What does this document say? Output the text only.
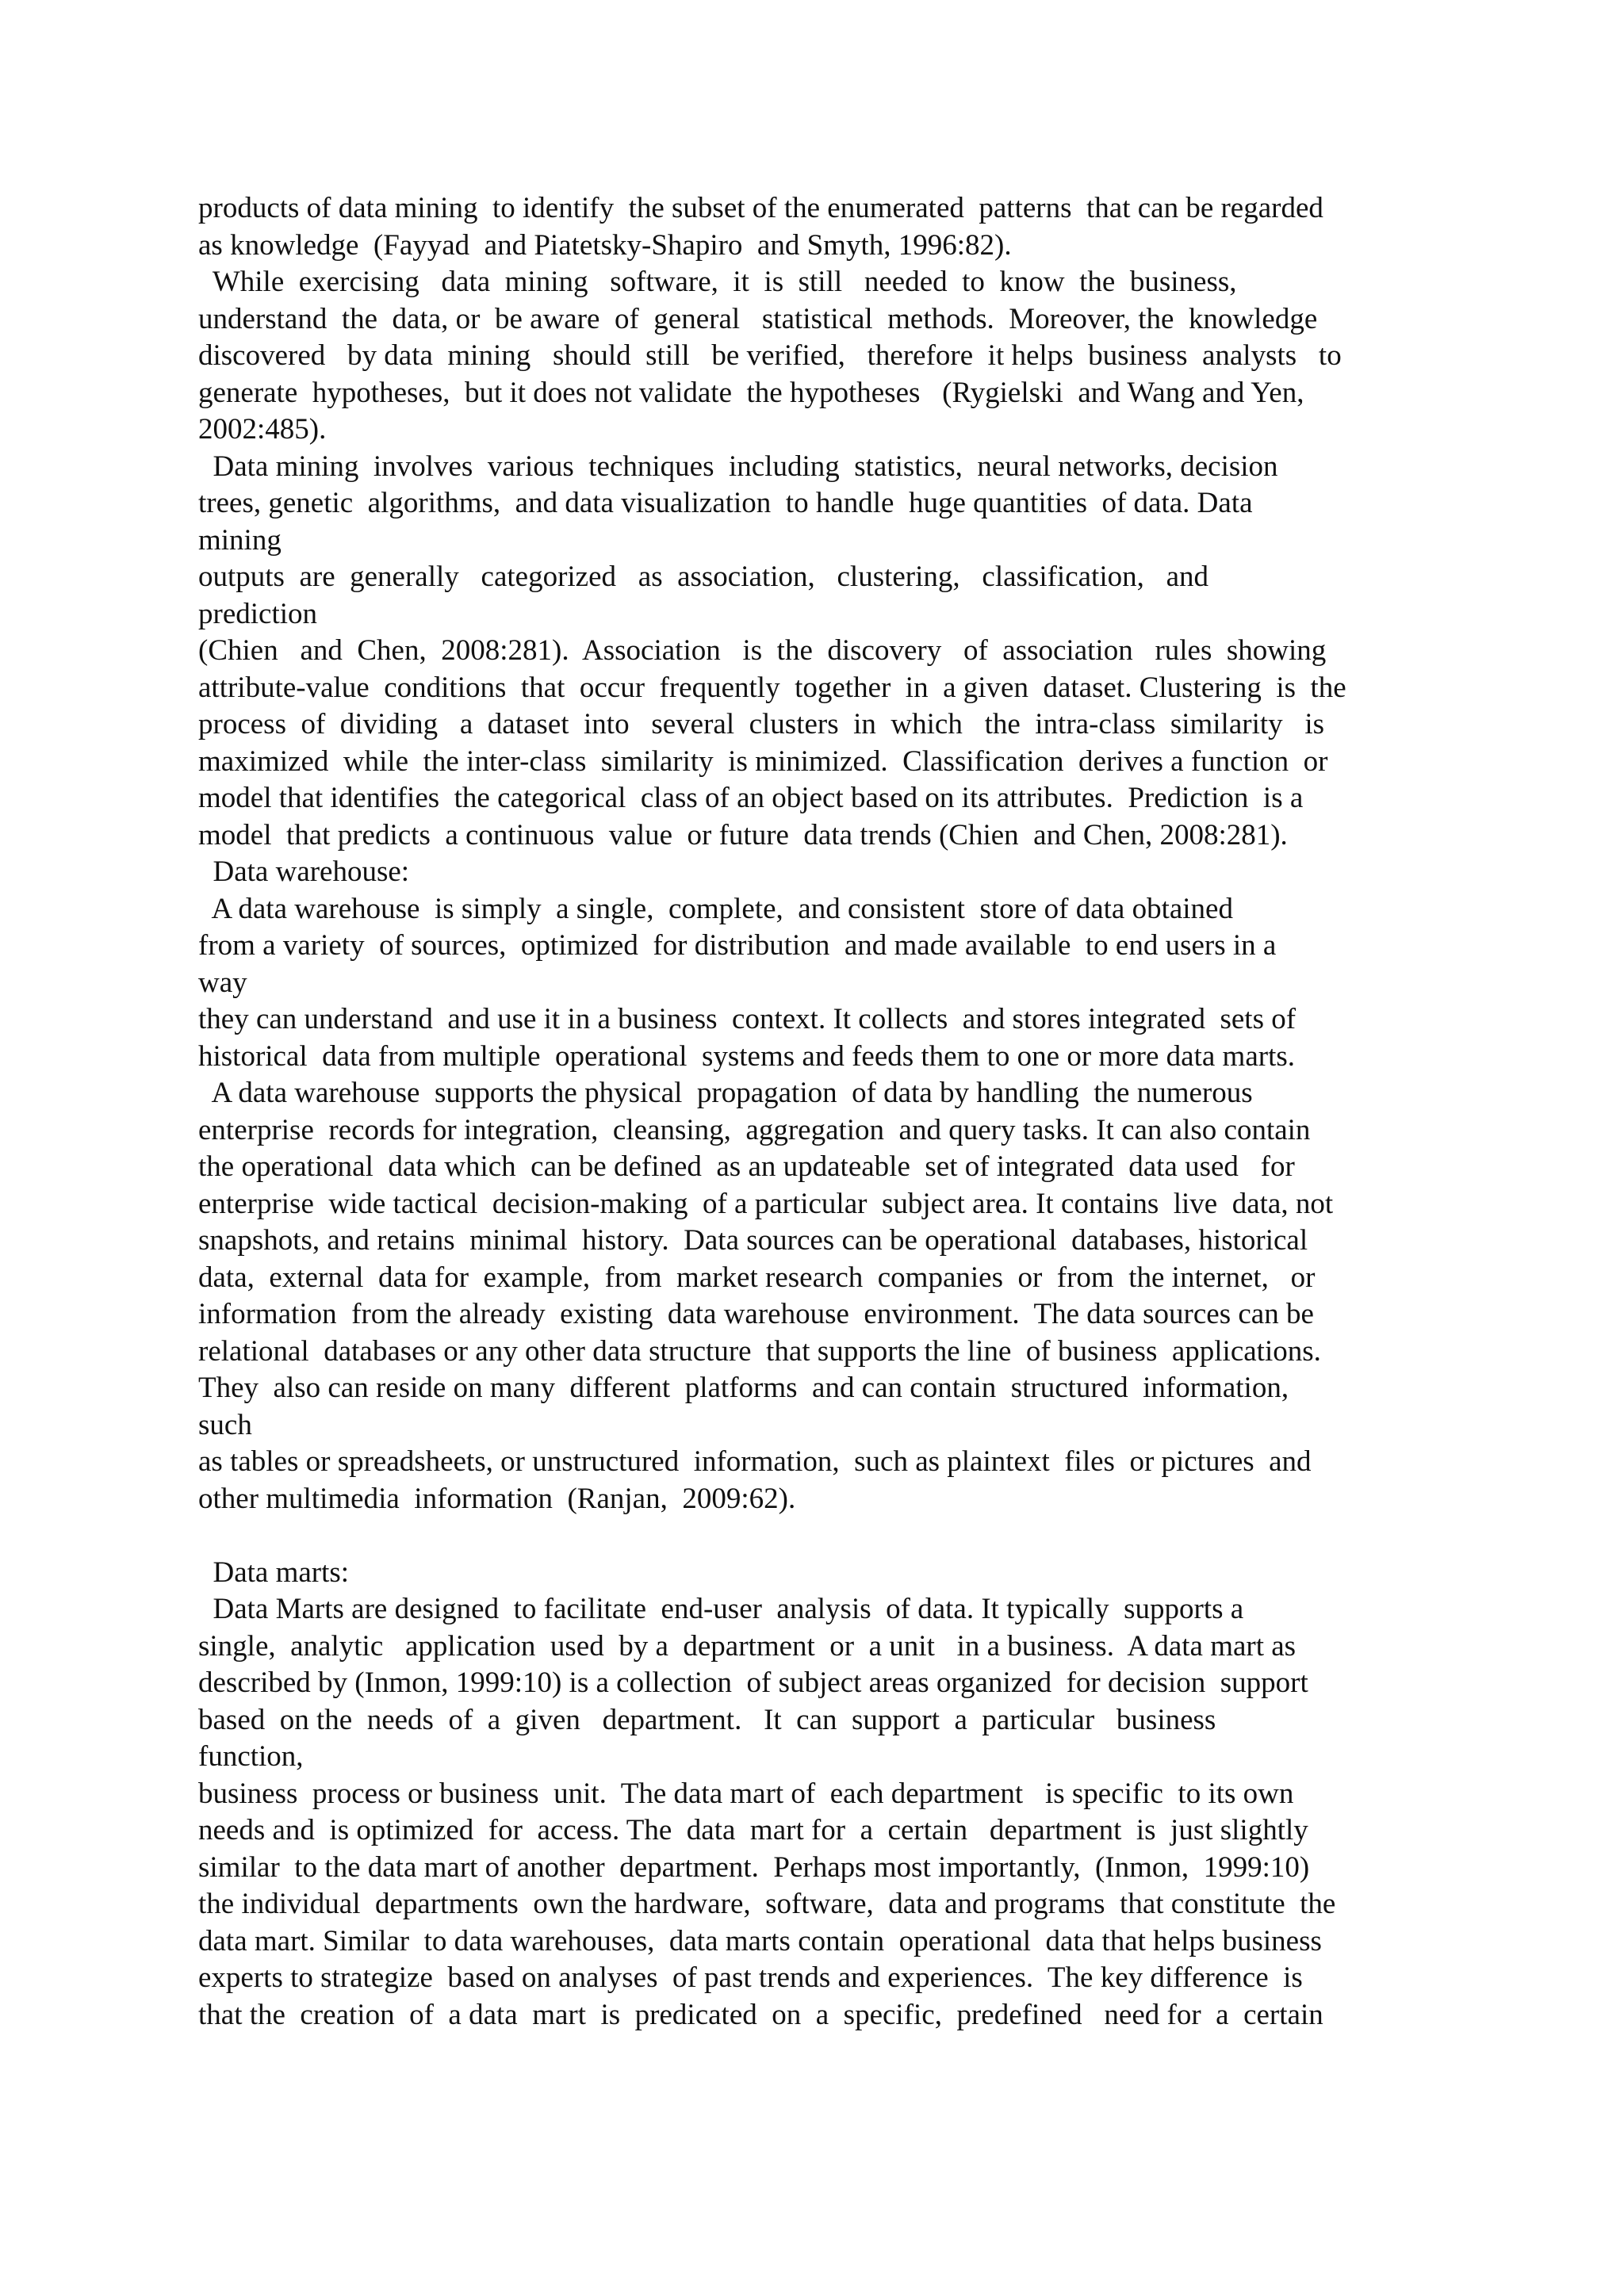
products of data mining  to identify  the subset of the enumerated  patterns  that can be regarded
as knowledge  (Fayyad  and Piatetsky-Shapiro  and Smyth, 1996:82).
While  exercising   data  mining   software,  it  is  still   needed  to  know  the  business,
understand  the  data, or  be aware  of  general   statistical  methods.  Moreover, the  knowledge
discovered   by data  mining   should  still   be verified,   therefore  it helps  business  analysts   to
generate  hypotheses,  but it does not validate  the hypotheses   (Rygielski  and Wang and Yen,
2002:485).
Data mining  involves  various  techniques  including  statistics,  neural networks, decision
trees, genetic  algorithms,  and data visualization  to handle  huge quantities  of data. Data
mining
outputs  are  generally   categorized   as  association,   clustering,   classification,   and
prediction
(Chien   and  Chen,  2008:281).  Association   is  the  discovery   of  association   rules  showing
attribute-value  conditions  that  occur  frequently  together  in  a given  dataset. Clustering  is  the
process  of  dividing   a  dataset  into   several  clusters  in  which   the  intra-class  similarity   is
maximized  while  the inter-class  similarity  is minimized.  Classification  derives a function  or
model that identifies  the categorical  class of an object based on its attributes.  Prediction  is a
model  that predicts  a continuous  value  or future  data trends (Chien  and Chen, 2008:281).
Data warehouse:
A data warehouse  is simply  a single,  complete,  and consistent  store of data obtained
from a variety  of sources,  optimized  for distribution  and made available  to end users in a
way
they can understand  and use it in a business  context. It collects  and stores integrated  sets of
historical  data from multiple  operational  systems and feeds them to one or more data marts.
A data warehouse  supports the physical  propagation  of data by handling  the numerous
enterprise  records for integration,  cleansing,  aggregation  and query tasks. It can also contain
the operational  data which  can be defined  as an updateable  set of integrated  data used   for
enterprise  wide tactical  decision-making  of a particular  subject area. It contains  live  data, not
snapshots, and retains  minimal  history.  Data sources can be operational  databases, historical
data,  external  data for  example,  from  market research  companies  or  from  the internet,   or
information  from the already  existing  data warehouse  environment.  The data sources can be
relational  databases or any other data structure  that supports the line  of business  applications.
They  also can reside on many  different  platforms  and can contain  structured  information,
such
as tables or spreadsheets, or unstructured  information,  such as plaintext  files  or pictures  and
other multimedia  information  (Ranjan,  2009:62).
Data marts:
Data Marts are designed  to facilitate  end-user  analysis  of data. It typically  supports a
single,  analytic   application  used  by a  department  or  a unit   in a business.  A data mart as
described by (Inmon, 1999:10) is a collection  of subject areas organized  for decision  support
based  on the  needs  of  a  given   department.   It  can  support  a  particular   business
function,
business  process or business  unit.  The data mart of  each department   is specific  to its own
needs and  is optimized  for  access. The  data  mart for  a  certain   department  is  just slightly
similar  to the data mart of another  department.  Perhaps most importantly,  (Inmon,  1999:10)
the individual  departments  own the hardware,  software,  data and programs  that constitute  the
data mart. Similar  to data warehouses,  data marts contain  operational  data that helps business
experts to strategize  based on analyses  of past trends and experiences.  The key difference  is
that the  creation  of  a data  mart  is  predicated  on  a  specific,  predefined   need for  a  certain
